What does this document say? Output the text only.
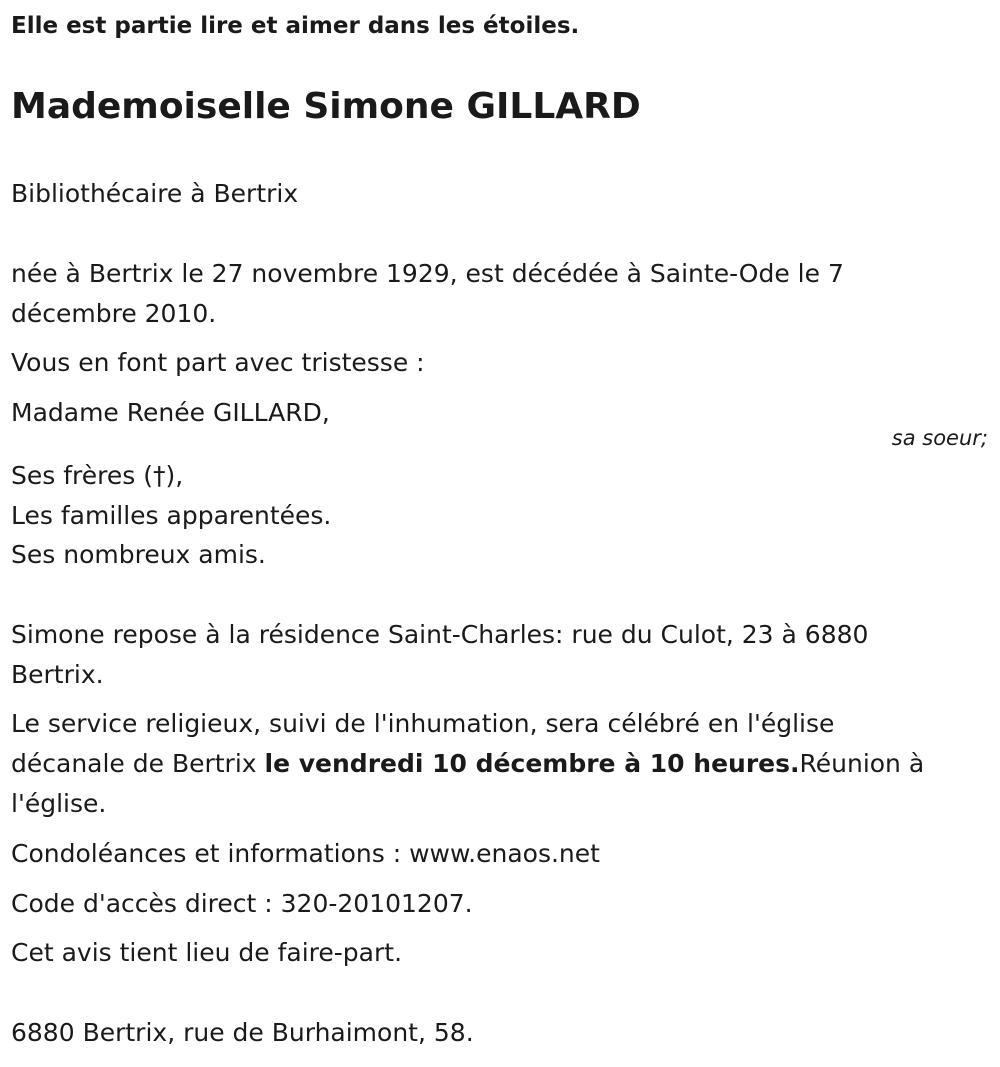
Elle est partie lire et aimer dans les étoiles.

Mademoiselle Simone GILLARD

Bibliothécaire à Bertrix

née à Bertrix le 27 novembre 1929, est décédée à Sainte-Ode le 7

décembre 2010.

Vous en font part avec tristesse :

Madame Renée GILLARD,

sa soeur;

Ses frères (†),

Les familles apparentées.

Ses nombreux amis.

Simone repose à la résidence Saint-Charles: rue du Culot, 23 à 6880

Bertrix.

Le service religieux, suivi de l'inhumation, sera célébré en l'église

décanale de Bertrix le vendredi 10 décembre à 10 heures.Réunion à

l'église.

Condoléances et informations : www.enaos.net

Code d'accès direct : 320-20101207.

Cet avis tient lieu de faire-part.

6880 Bertrix, rue de Burhaimont, 58.
